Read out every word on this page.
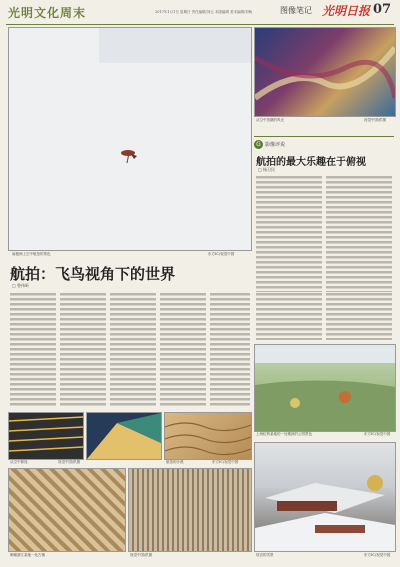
光明文化周末	2017年1月1日 星期日 责任编辑/刘云 本版编辑 美术编辑/刘萌	图像笔记 光明日报 07
南极洲上空中航拍的景色	东方IC/视觉中国
从空中拍摄的风光	视觉中国/供图
G 影像评说
航拍的最大乐趣在于俯视
□ 杨卫民
航拍：飞鸟视角下的世界
□ 曾伟昕
上海虹桥某地的一处雅致的公园景色	东方IC/视觉中国
从空中俯视	视觉中国/供图	航拍的沙漠	东方IC/视觉中国
俯瞰浙江某地一处古镇	视觉中国/供图	故宫的雪景	东方IC/视觉中国
